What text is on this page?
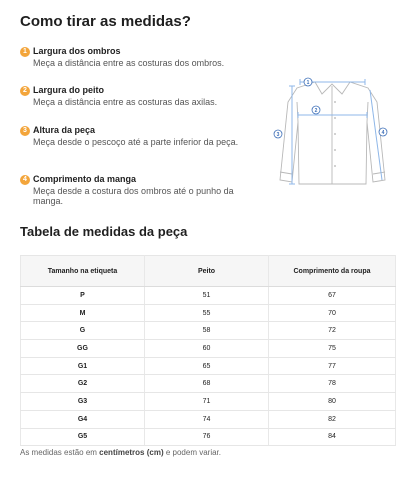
Como tirar as medidas?
1 Largura dos ombros
Meça a distância entre as costuras dos ombros.
2 Largura do peito
Meça a distância entre as costuras das axilas.
3 Altura da peça
Meça desde o pescoço até a parte inferior da peça.
4 Comprimento da manga
Meça desde a costura dos ombros até o punho da manga.
1
2
3	4
Tabela de medidas da peça
Tamanho na etiqueta	Peito	Comprimento da roupa
P	51	67
M	55	70
G	58	72
GG	60	75
G1	65	77
G2	68	78
G3	71	80
G4	74	82
G5	76	84
As medidas estão em centímetros (cm) e podem variar.
